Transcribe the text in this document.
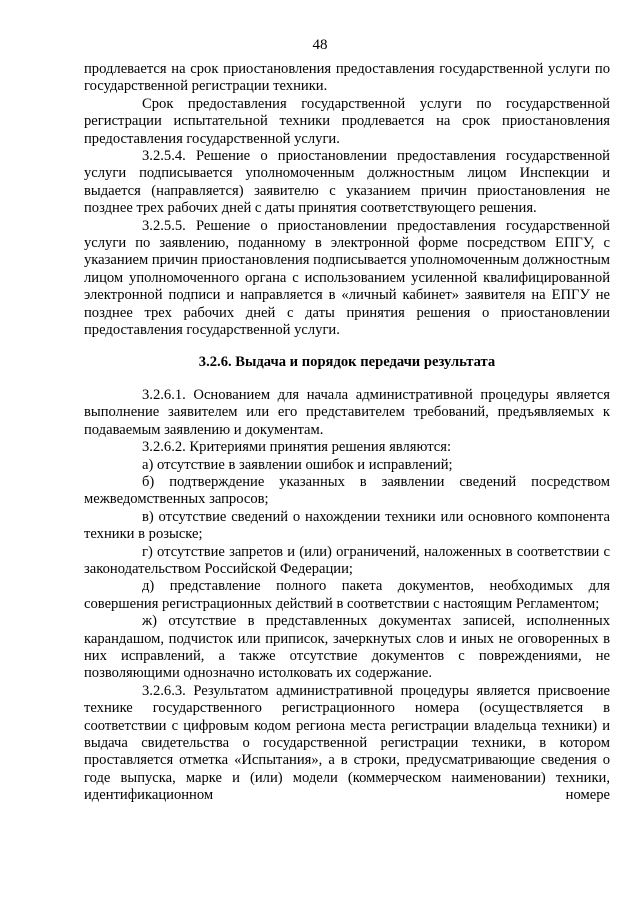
48

продлевается на срок приостановления предоставления государственной услуги по государственной регистрации техники.

Срок предоставления государственной услуги по государственной регистрации испытательной техники продлевается на срок приостановления предоставления государственной услуги.

3.2.5.4. Решение о приостановлении предоставления государственной услуги подписывается уполномоченным должностным лицом Инспекции и выдается (направляется) заявителю с указанием причин приостановления не позднее трех рабочих дней с даты принятия соответствующего решения.

3.2.5.5. Решение о приостановлении предоставления государственной услуги по заявлению, поданному в электронной форме посредством ЕПГУ, с указанием причин приостановления подписывается уполномоченным должностным лицом уполномоченного органа с использованием усиленной квалифицированной электронной подписи и направляется в «личный кабинет» заявителя на ЕПГУ не позднее трех рабочих дней с даты принятия решения о приостановлении предоставления государственной услуги.

3.2.6. Выдача и порядок передачи результата

3.2.6.1. Основанием для начала административной процедуры является выполнение заявителем или его представителем требований, предъявляемых к подаваемым заявлению и документам.

3.2.6.2. Критериями принятия решения являются:

а) отсутствие в заявлении ошибок и исправлений;

б) подтверждение указанных в заявлении сведений посредством межведомственных запросов;

в) отсутствие сведений о нахождении техники или основного компонента техники в розыске;

г) отсутствие запретов и (или) ограничений, наложенных в соответствии с законодательством Российской Федерации;

д) представление полного пакета документов, необходимых для совершения регистрационных действий в соответствии с настоящим Регламентом;

ж) отсутствие в представленных документах записей, исполненных карандашом, подчисток или приписок, зачеркнутых слов и иных не оговоренных в них исправлений, а также отсутствие документов с повреждениями, не позволяющими однозначно истолковать их содержание.

3.2.6.3. Результатом административной процедуры является присвоение технике государственного регистрационного номера (осуществляется в соответствии с цифровым кодом региона места регистрации владельца техники) и выдача свидетельства о государственной регистрации техники, в котором проставляется отметка «Испытания», а в строки, предусматривающие сведения о годе выпуска, марке и (или) модели (коммерческом наименовании) техники, идентификационном номере
